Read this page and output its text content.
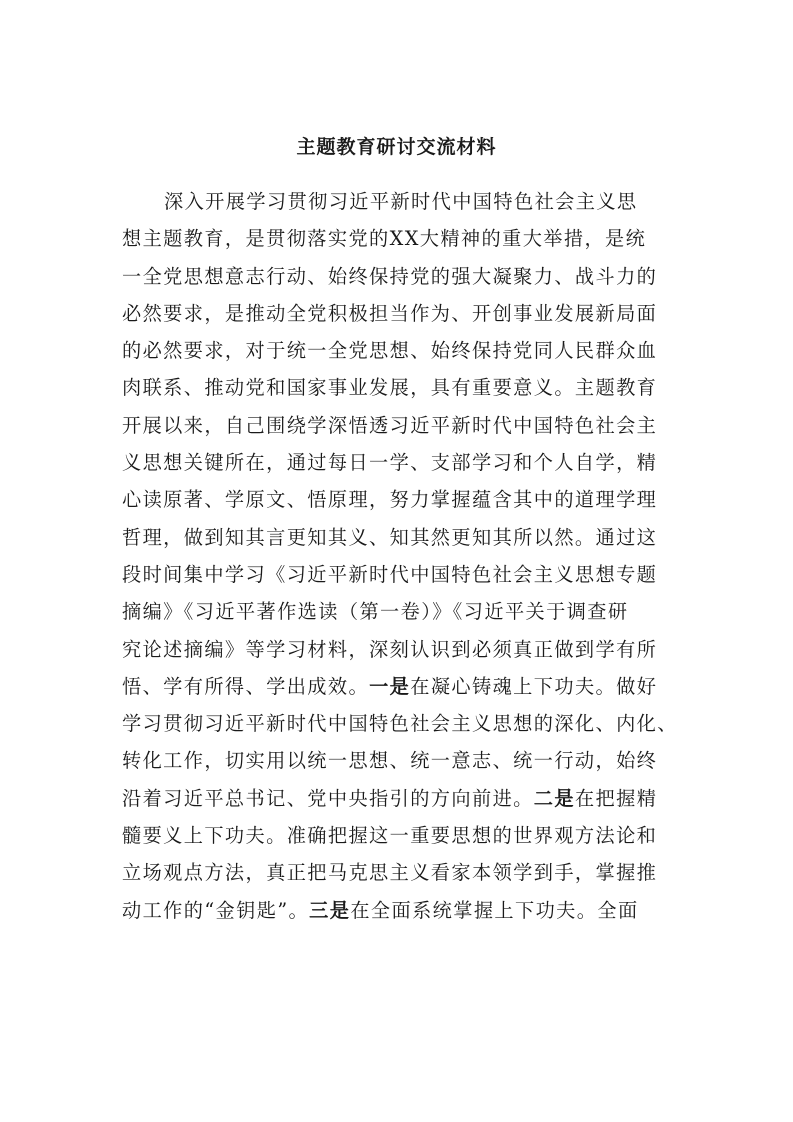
主题教育研讨交流材料
深入开展学习贯彻习近平新时代中国特色社会主义思
想主题教育，是贯彻落实党的XX大精神的重大举措，是统
一全党思想意志行动、始终保持党的强大凝聚力、战斗力的
必然要求，是推动全党积极担当作为、开创事业发展新局面
的必然要求，对于统一全党思想、始终保持党同人民群众血
肉联系、推动党和国家事业发展，具有重要意义。主题教育
开展以来，自己围绕学深悟透习近平新时代中国特色社会主
义思想关键所在，通过每日一学、支部学习和个人自学，精
心读原著、学原文、悟原理，努力掌握蕴含其中的道理学理
哲理，做到知其言更知其义、知其然更知其所以然。通过这
段时间集中学习《习近平新时代中国特色社会主义思想专题
摘编》《习近平著作选读（第一卷）》《习近平关于调查研
究论述摘编》等学习材料，深刻认识到必须真正做到学有所
悟、学有所得、学出成效。一是在凝心铸魂上下功夫。做好
学习贯彻习近平新时代中国特色社会主义思想的深化、内化、
转化工作，切实用以统一思想、统一意志、统一行动，始终
沿着习近平总书记、党中央指引的方向前进。二是在把握精
髓要义上下功夫。准确把握这一重要思想的世界观方法论和
立场观点方法，真正把马克思主义看家本领学到手，掌握推
动工作的“金钥匙”。三是在全面系统掌握上下功夫。全面
